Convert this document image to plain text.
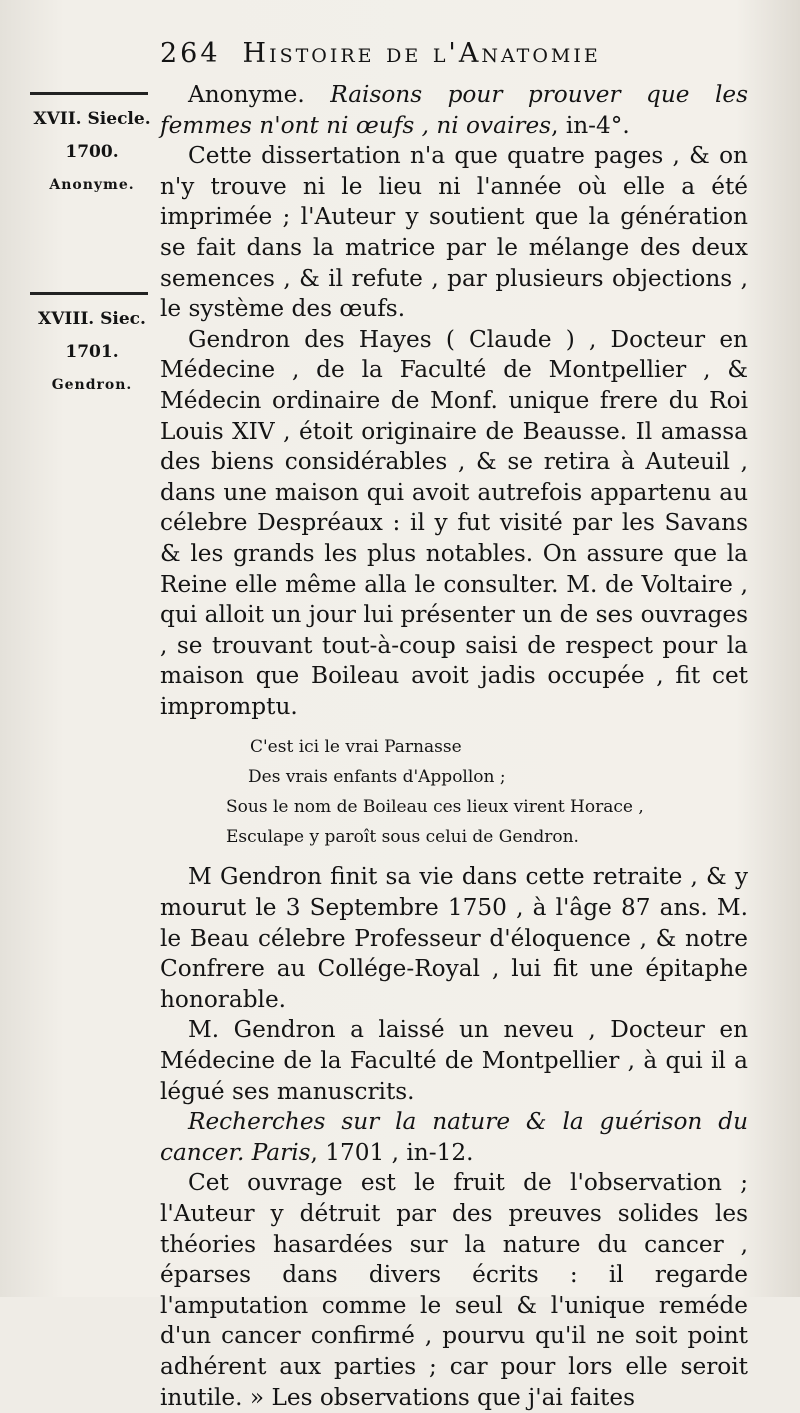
264 Histoire de l'Anatomie
XVII. Siecle.
1700.
Anonyme.
XVIII. Siec.
1701.
Gendron.

Anonyme. Raisons pour prouver que les femmes n'ont ni œufs , ni ovaires, in-4°.

Cette dissertation n'a que quatre pages , & on n'y trouve ni le lieu ni l'année où elle a été imprimée ; l'Auteur y soutient que la génération se fait dans la matrice par le mélange des deux semences , & il refute , par plusieurs objections , le système des œufs.

Gendron des Hayes ( Claude ) , Docteur en Médecine , de la Faculté de Montpellier , & Médecin ordinaire de Monf. unique frere du Roi Louis XIV , étoit originaire de Beausse. Il amassa des biens considérables , & se retira à Auteuil , dans une maison qui avoit autrefois appartenu au célebre Despréaux : il y fut visité par les Savans & les grands les plus notables. On assure que la Reine elle même alla le consulter. M. de Voltaire , qui alloit un jour lui présenter un de ses ouvrages , se trouvant tout-à-coup saisi de respect pour la maison que Boileau avoit jadis occupée , fit cet impromptu.

C'est ici le vrai Parnasse
Des vrais enfants d'Appollon ;
Sous le nom de Boileau ces lieux virent Horace ,
Esculape y paroît sous celui de Gendron.

M Gendron finit sa vie dans cette retraite , & y mourut le 3 Septembre 1750 , à l'âge 87 ans. M. le Beau célebre Professeur d'éloquence , & notre Confrere au Collége-Royal , lui fit une épitaphe honorable.

M. Gendron a laissé un neveu , Docteur en Médecine de la Faculté de Montpellier , à qui il a légué ses manuscrits.

Recherches sur la nature & la guérison du cancer. Paris, 1701 , in-12.

Cet ouvrage est le fruit de l'observation ; l'Auteur y détruit par des preuves solides les théories hasardées sur la nature du cancer , éparses dans divers écrits : il regarde l'amputation comme le seul & l'unique reméde d'un cancer confirmé , pourvu qu'il ne soit point adhérent aux parties ; car pour lors elle seroit inutile. » Les observations que j'ai faites
